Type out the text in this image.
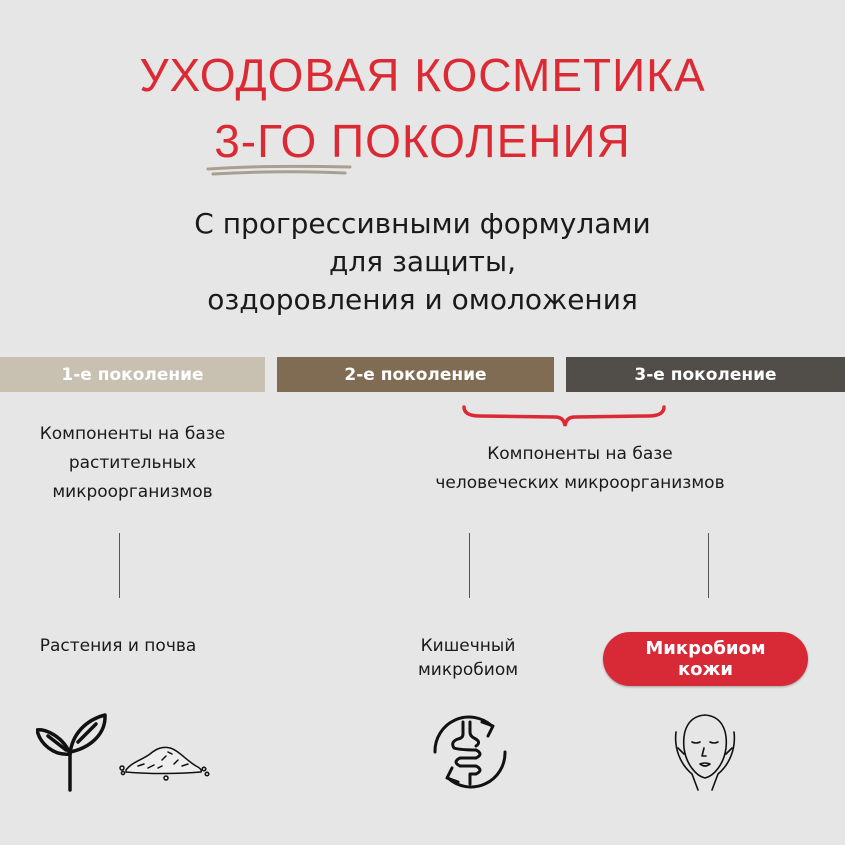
УХОДОВАЯ КОСМЕТИКА
3-ГО ПОКОЛЕНИЯ
С прогрессивными формулами
для защиты,
оздоровления и омоложения
1-е поколение	2-е поколение	3-е поколение
Компоненты на базе
растительных
микроорганизмов
Компоненты на базе
человеческих микроорганизмов
Растения и почва	Кишечный
микробиом
Микробиом
кожи
